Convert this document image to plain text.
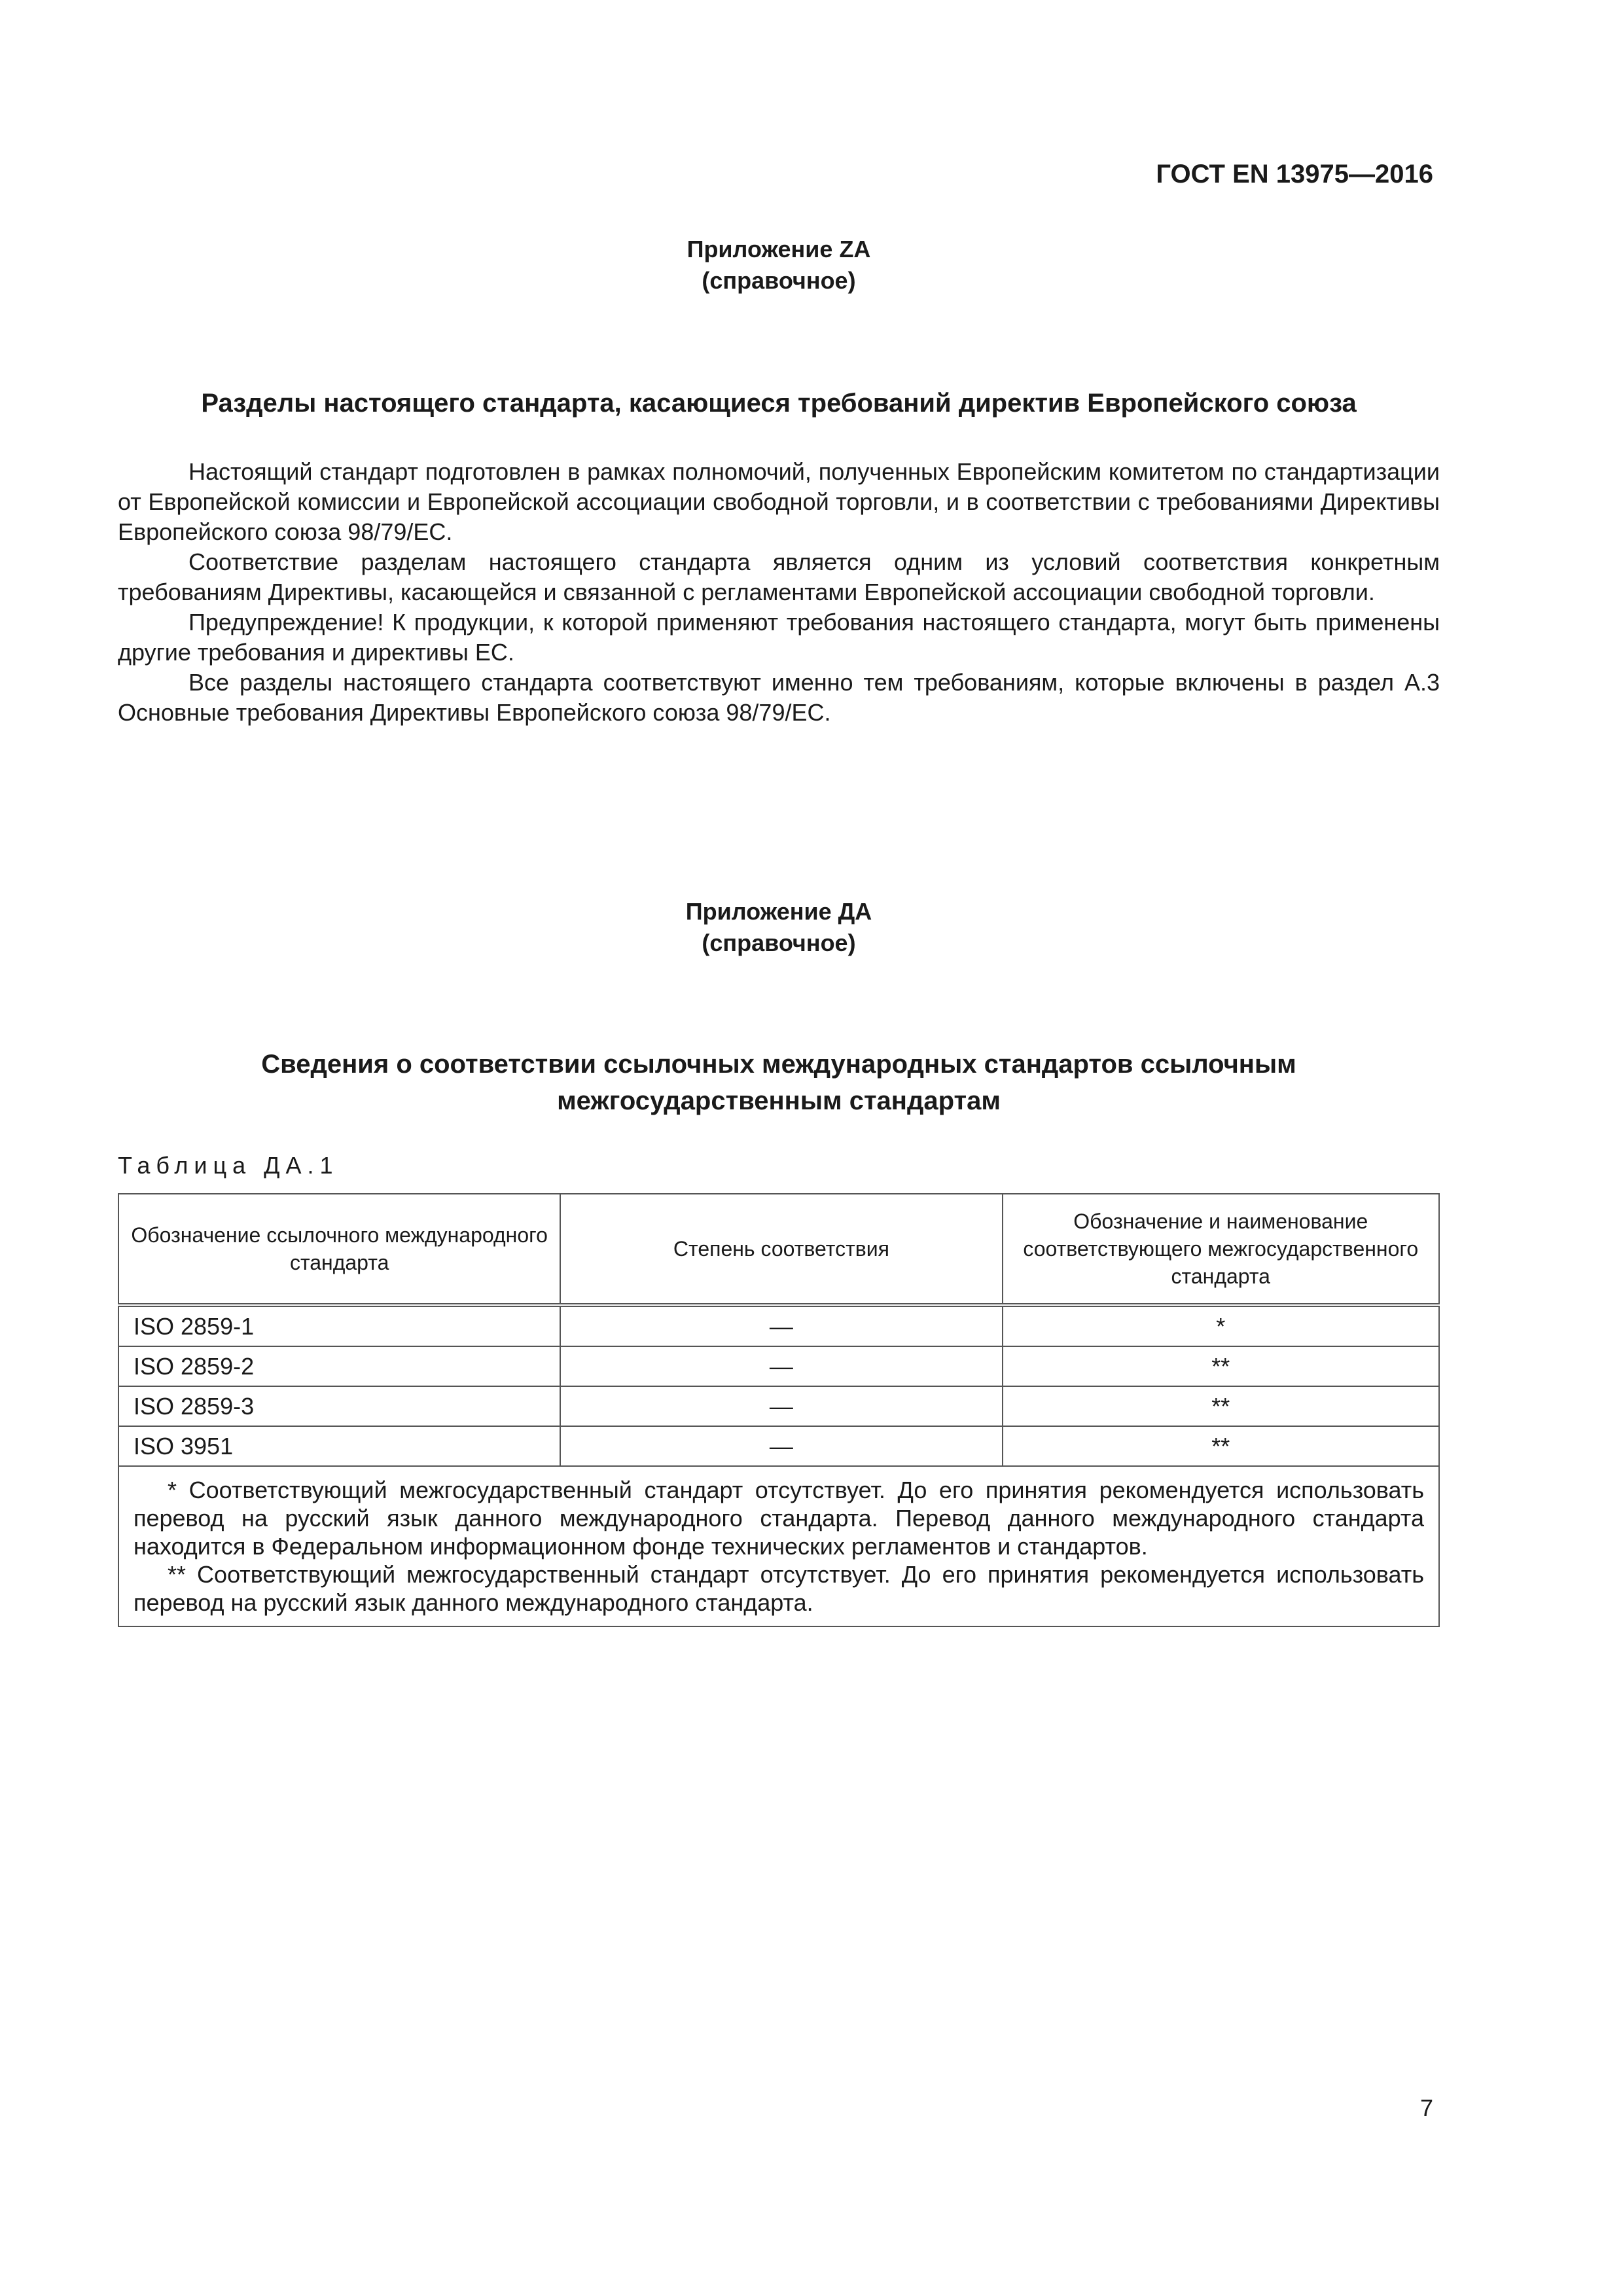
ГОСТ EN 13975—2016
Приложение ZA
(справочное)
Разделы настоящего стандарта, касающиеся требований директив Европейского союза

Настоящий стандарт подготовлен в рамках полномочий, полученных Европейским комитетом по стандартизации от Европейской комиссии и Европейской ассоциации свободной торговли, и в соответствии с требованиями Директивы Европейского союза 98/79/ЕС.

Соответствие разделам настоящего стандарта является одним из условий соответствия конкретным требованиям Директивы, касающейся и связанной с регламентами Европейской ассоциации свободной торговли.

Предупреждение! К продукции, к которой применяют требования настоящего стандарта, могут быть применены другие требования и директивы ЕС.

Все разделы настоящего стандарта соответствуют именно тем требованиям, которые включены в раздел А.3 Основные требования Директивы Европейского союза 98/79/ЕС.

Приложение ДА
(справочное)
Сведения о соответствии ссылочных международных стандартов ссылочным
межгосударственным стандартам
Таблица ДА.1
Обозначение ссылочного международного стандарта	Степень соответствия	Обозначение и наименование соответствующего межгосударственного стандарта
ISO 2859-1	—	*
ISO 2859-2	—	**
ISO 2859-3	—	**
ISO 3951	—	**

* Соответствующий межгосударственный стандарт отсутствует. До его принятия рекомендуется использовать перевод на русский язык данного международного стандарта. Перевод данного международного стандарта находится в Федеральном информационном фонде технических регламентов и стандартов.

** Соответствующий межгосударственный стандарт отсутствует. До его принятия рекомендуется использовать перевод на русский язык данного международного стандарта.		

7
